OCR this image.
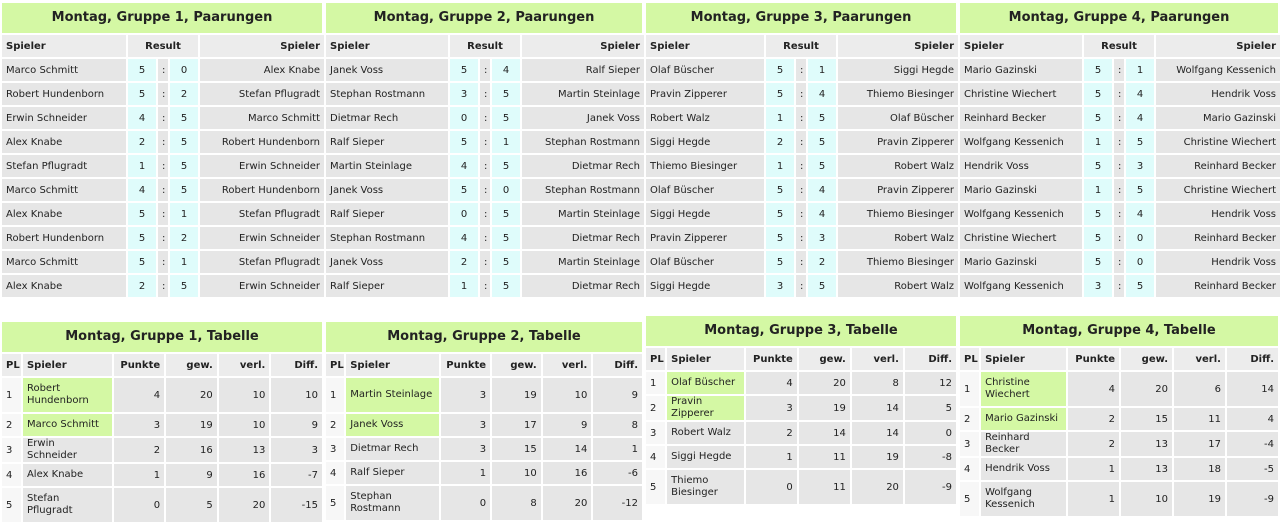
Montag, Gruppe 1, Paarungen
Spieler	Result			Spieler
Marco Schmitt	5	:	0	Alex Knabe
Robert Hundenborn	5	:	2	Stefan Pflugradt
Erwin Schneider	4	:	5	Marco Schmitt
Alex Knabe	2	:	5	Robert Hundenborn
Stefan Pflugradt	1	:	5	Erwin Schneider
Marco Schmitt	4	:	5	Robert Hundenborn
Alex Knabe	5	:	1	Stefan Pflugradt
Robert Hundenborn	5	:	2	Erwin Schneider
Marco Schmitt	5	:	1	Stefan Pflugradt
Alex Knabe	2	:	5	Erwin Schneider
Montag, Gruppe 2, Paarungen
Spieler	Result			Spieler
Janek Voss	5	:	4	Ralf Sieper
Stephan Rostmann	3	:	5	Martin Steinlage
Dietmar Rech	0	:	5	Janek Voss
Ralf Sieper	5	:	1	Stephan Rostmann
Martin Steinlage	4	:	5	Dietmar Rech
Janek Voss	5	:	0	Stephan Rostmann
Ralf Sieper	0	:	5	Martin Steinlage
Stephan Rostmann	4	:	5	Dietmar Rech
Janek Voss	2	:	5	Martin Steinlage
Ralf Sieper	1	:	5	Dietmar Rech
Montag, Gruppe 3, Paarungen
Spieler	Result			Spieler
Olaf Büscher	5	:	1	Siggi Hegde
Pravin Zipperer	5	:	4	Thiemo Biesinger
Robert Walz	1	:	5	Olaf Büscher
Siggi Hegde	2	:	5	Pravin Zipperer
Thiemo Biesinger	1	:	5	Robert Walz
Olaf Büscher	5	:	4	Pravin Zipperer
Siggi Hegde	5	:	4	Thiemo Biesinger
Pravin Zipperer	5	:	3	Robert Walz
Olaf Büscher	5	:	2	Thiemo Biesinger
Siggi Hegde	3	:	5	Robert Walz
Montag, Gruppe 4, Paarungen
Spieler	Result			Spieler
Mario Gazinski	5	:	1	Wolfgang Kessenich
Christine Wiechert	5	:	4	Hendrik Voss
Reinhard Becker	5	:	4	Mario Gazinski
Wolfgang Kessenich	1	:	5	Christine Wiechert
Hendrik Voss	5	:	3	Reinhard Becker
Mario Gazinski	1	:	5	Christine Wiechert
Wolfgang Kessenich	5	:	4	Hendrik Voss
Christine Wiechert	5	:	0	Reinhard Becker
Mario Gazinski	5	:	0	Hendrik Voss
Wolfgang Kessenich	3	:	5	Reinhard Becker
Montag, Gruppe 1, Tabelle
PL	Spieler	Punkte	gew.	verl.	Diff.
1	Robert Hundenborn	4	20	10	10
2	Marco Schmitt	3	19	10	9
3	Erwin Schneider	2	16	13	3
4	Alex Knabe	1	9	16	-7
5	Stefan Pflugradt	0	5	20	-15
Montag, Gruppe 2, Tabelle
PL	Spieler	Punkte	gew.	verl.	Diff.
1	Martin Steinlage	3	19	10	9
2	Janek Voss	3	17	9	8
3	Dietmar Rech	3	15	14	1
4	Ralf Sieper	1	10	16	-6
5	Stephan Rostmann	0	8	20	-12
Montag, Gruppe 3, Tabelle
PL	Spieler	Punkte	gew.	verl.	Diff.
1	Olaf Büscher	4	20	8	12
2	Pravin Zipperer	3	19	14	5
3	Robert Walz	2	14	14	0
4	Siggi Hegde	1	11	19	-8
5	Thiemo Biesinger	0	11	20	-9
Montag, Gruppe 4, Tabelle
PL	Spieler	Punkte	gew.	verl.	Diff.
1	Christine Wiechert	4	20	6	14
2	Mario Gazinski	2	15	11	4
3	Reinhard Becker	2	13	17	-4
4	Hendrik Voss	1	13	18	-5
5	Wolfgang Kessenich	1	10	19	-9
